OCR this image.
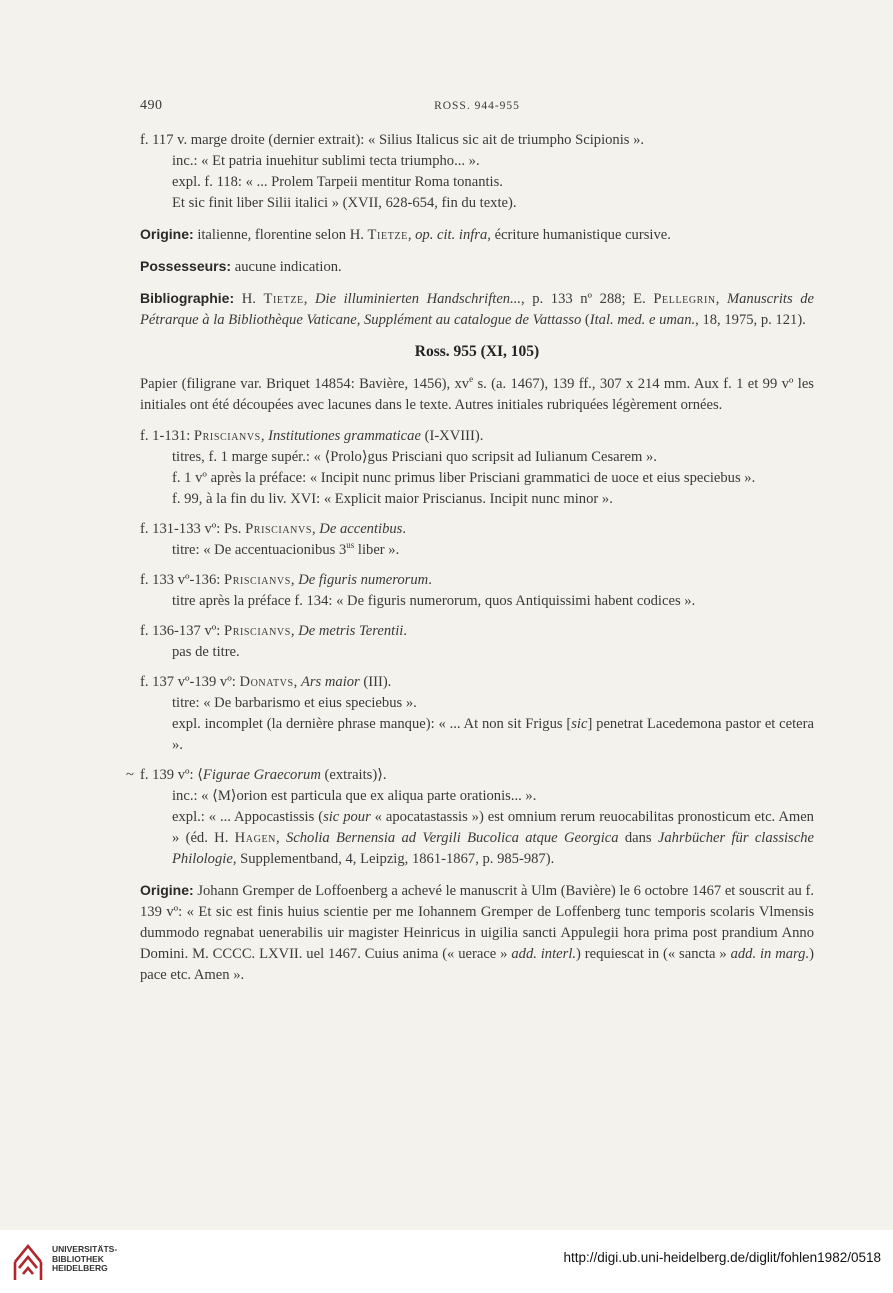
490	ROSS. 944-955

f. 117 v. marge droite (dernier extrait): « Silius Italicus sic ait de triumpho Scipionis ».

inc.: « Et patria inuehitur sublimi tecta triumpho... ».

expl. f. 118: « ... Prolem Tarpeii mentitur Roma tonantis.

Et sic finit liber Silii italici » (XVII, 628-654, fin du texte).

Origine: italienne, florentine selon H. Tietze, op. cit. infra, écriture humanistique cursive.

Possesseurs: aucune indication.

Bibliographie: H. Tietze, Die illuminierten Handschriften..., p. 133 nº 288; E. Pellegrin, Manuscrits de Pétrarque à la Bibliothèque Vaticane, Supplément au catalogue de Vattasso (Ital. med. e uman., 18, 1975, p. 121).

Ross. 955 (XI, 105)

Papier (filigrane var. Briquet 14854: Bavière, 1456), $xv^e$ s. (a. 1467), 139 ff., 307 x 214 mm. Aux f. 1 et 99 vº les initiales ont été découpées avec lacunes dans le texte. Autres initiales rubriquées légèrement ornées.

f. 1-131: Priscianvs, Institutiones grammaticae (I-XVIII).

titres, f. 1 marge supér.: « ⟨Prolo⟩gus Prisciani quo scripsit ad Iulianum Cesarem ».

f. 1 vº après la préface: « Incipit nunc primus liber Prisciani grammatici de uoce et eius speciebus ».

f. 99, à la fin du liv. XVI: « Explicit maior Priscianus. Incipit nunc minor ».

f. 131-133 vº: Ps. Priscianvs, De accentibus.

titre: « De accentuacionibus $3^{us}$ liber ».

f. 133 vº-136: Priscianvs, De figuris numerorum.

titre après la préface f. 134: « De figuris numerorum, quos Antiquissimi habent codices ».

f. 136-137 vº: Priscianvs, De metris Terentii.

pas de titre.

f. 137 vº-139 vº: Donatvs, Ars maior (III).

titre: « De barbarismo et eius speciebus ».

expl. incomplet (la dernière phrase manque): « ... At non sit Frigus [sic] penetrat Lacedemona pastor et cetera ».

~ f. 139 vº: ⟨Figurae Graecorum (extraits)⟩.

inc.: « ⟨M⟩orion est particula que ex aliqua parte orationis... ».

expl.: « ... Appocastissis (sic pour « apocatastassis ») est omnium rerum reuocabilitas pronosticum etc. Amen » (éd. H. Hagen, Scholia Bernensia ad Vergili Bucolica atque Georgica dans Jahrbücher für classische Philologie, Supplementband, 4, Leipzig, 1861-1867, p. 985-987).

Origine: Johann Gremper de Loffoenberg a achevé le manuscrit à Ulm (Bavière) le 6 octobre 1467 et souscrit au f. 139 vº: « Et sic est finis huius scientie per me Iohannem Gremper de Loffenberg tunc temporis scolaris Vlmensis dummodo regnabat uenerabilis uir magister Heinricus in uigilia sancti Appulegii hora prima post prandium Anno Domini. M. CCCC. LXVII. uel 1467. Cuius anima (« uerace » add. interl.) requiescat in (« sancta » add. in marg.) pace etc. Amen ».

UNIVERSITÄTS-
BIBLIOTHEK
HEIDELBERG
http://digi.ub.uni-heidelberg.de/diglit/fohlen1982/0518
